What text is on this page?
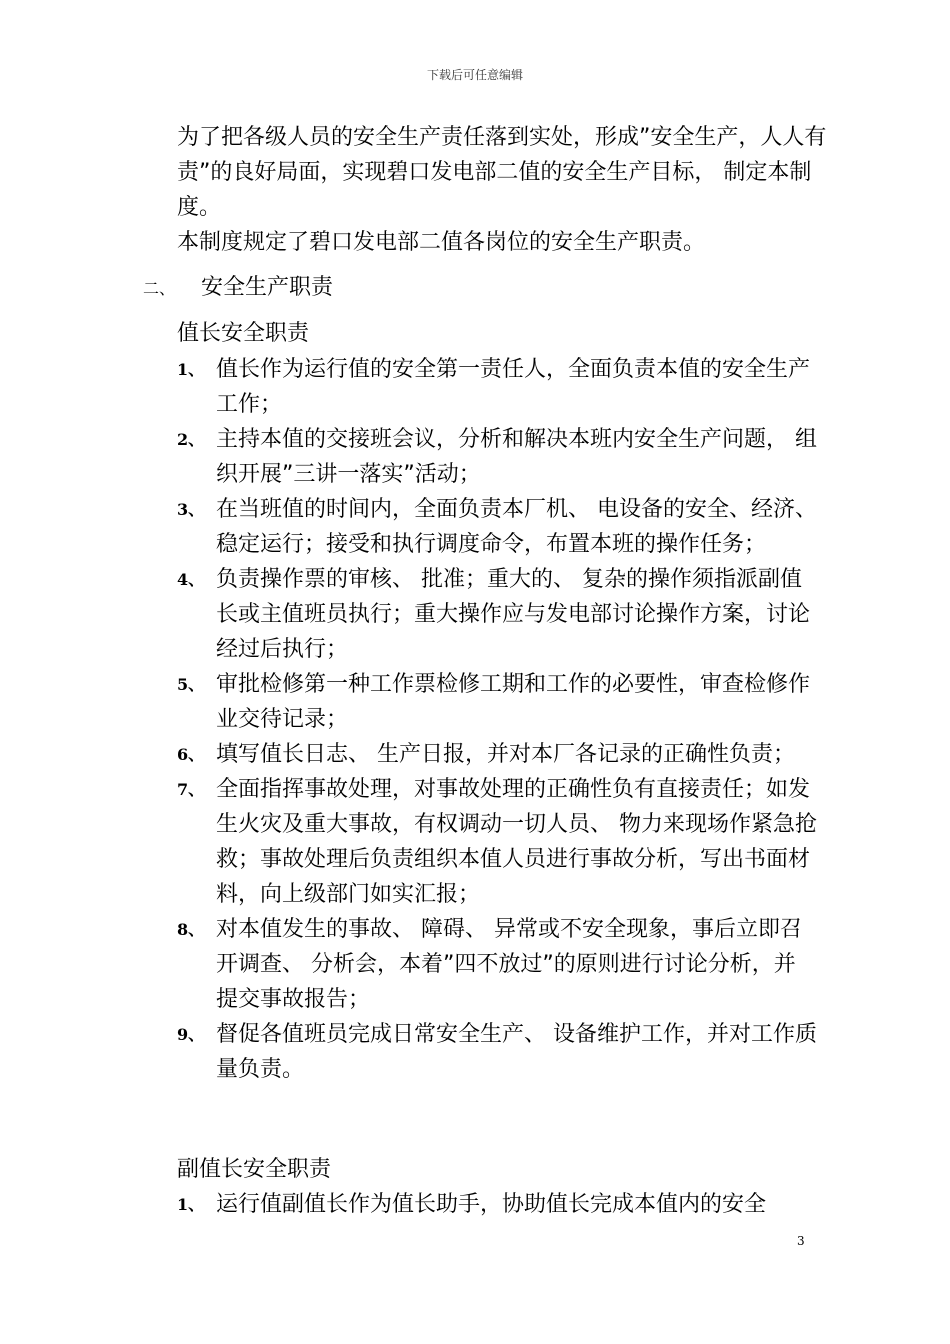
下载后可任意编辑

为了把各级人员的安全生产责任落到实处，形成”安全生产，人人有责”的良好局面，实现碧口发电部二值的安全生产目标， 制定本制度。

本制度规定了碧口发电部二值各岗位的安全生产职责。

二、 安全生产职责
值长安全职责
1、 值长作为运行值的安全第一责任人，全面负责本值的安全生产工作；
2、 主持本值的交接班会议，分析和解决本班内安全生产问题， 组织开展”三讲一落实”活动；
3、 在当班值的时间内，全面负责本厂机、 电设备的安全、经济、 稳定运行；接受和执行调度命令，布置本班的操作任务；
4、 负责操作票的审核、 批准；重大的、 复杂的操作须指派副值长或主值班员执行；重大操作应与发电部讨论操作方案，讨论经过后执行；
5、 审批检修第一种工作票检修工期和工作的必要性，审查检修作业交待记录；
6、 填写值长日志、 生产日报，并对本厂各记录的正确性负责；
7、 全面指挥事故处理，对事故处理的正确性负有直接责任；如发生火灾及重大事故，有权调动一切人员、 物力来现场作紧急抢救；事故处理后负责组织本值人员进行事故分析，写出书面材料，向上级部门如实汇报；
8、 对本值发生的事故、 障碍、 异常或不安全现象，事后立即召开调查、 分析会，本着”四不放过”的原则进行讨论分析，并提交事故报告；
9、 督促各值班员完成日常安全生产、 设备维护工作，并对工作质量负责。
副值长安全职责
1、 运行值副值长作为值长助手，协助值长完成本值内的安全
3
